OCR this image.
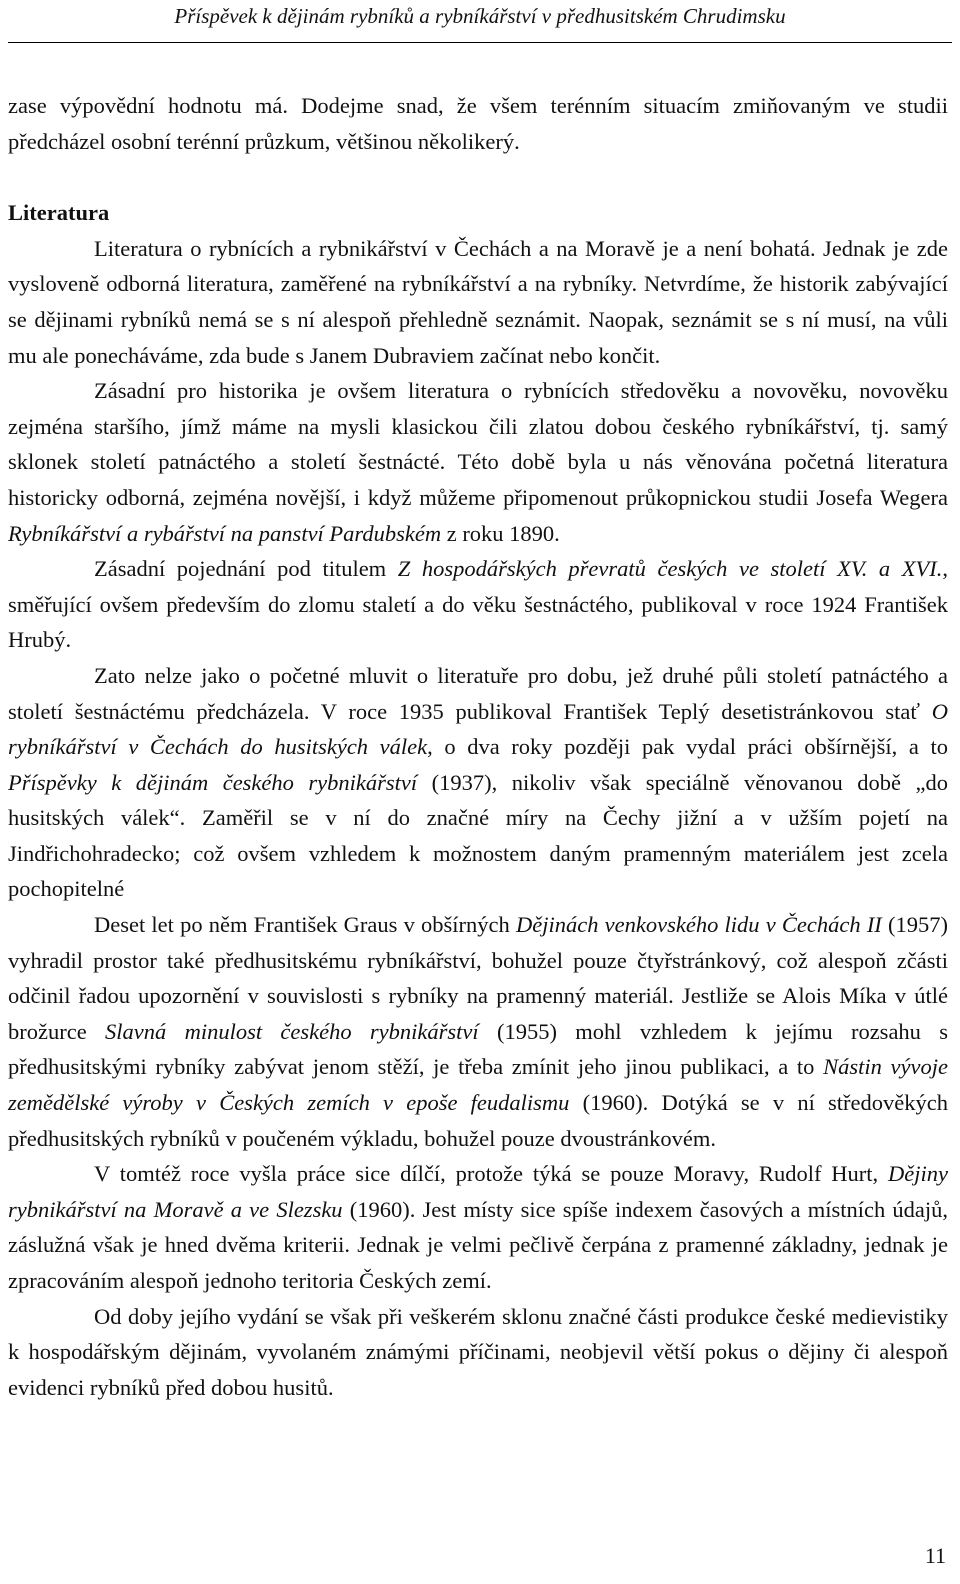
Příspěvek k dějinám rybníků a rybníkářství v předhusitském Chrudimsku

zase výpovědní hodnotu má. Dodejme snad, že všem terénním situacím zmiňovaným ve studii předcházel osobní terénní průzkum, většinou několikerý.

Literatura

Literatura o rybnících a rybnikářství v Čechách a na Moravě je a není bohatá. Jednak je zde vysloveně odborná literatura, zaměřené na rybníkářství a na rybníky. Netvrdíme, že historik zabývající se dějinami rybníků nemá se s ní alespoň přehledně seznámit. Naopak, seznámit se s ní musí, na vůli mu ale ponecháváme, zda bude s Janem Dubraviem začínat nebo končit.

Zásadní pro historika je ovšem literatura o rybnících středověku a novověku, novověku zejména staršího, jímž máme na mysli klasickou čili zlatou dobou českého rybníkářství, tj. samý sklonek století patnáctého a století šestnácté. Této době byla u nás věnována početná literatura historicky odborná, zejména novější, i když můžeme připomenout průkopnickou studii Josefa Wegera Rybníkářství a rybářství na panství Pardubském z roku 1890.

Zásadní pojednání pod titulem Z hospodářských převratů českých ve století XV. a XVI., směřující ovšem především do zlomu staletí a do věku šestnáctého, publikoval v roce 1924 František Hrubý.

Zato nelze jako o početné mluvit o literatuře pro dobu, jež druhé půli století patnáctého a století šestnáctému předcházela. V roce 1935 publikoval František Teplý desetistránkovou stať O rybníkářství v Čechách do husitských válek, o dva roky později pak vydal práci obšírnější, a to Příspěvky k dějinám českého rybnikářství (1937), nikoliv však speciálně věnovanou době „do husitských válek“. Zaměřil se v ní do značné míry na Čechy jižní a v užším pojetí na Jindřichohradecko; což ovšem vzhledem k možnostem daným pramenným materiálem jest zcela pochopitelné

Deset let po něm František Graus v obšírných Dějinách venkovského lidu v Čechách II (1957) vyhradil prostor také předhusitskému rybníkářství, bohužel pouze čtyřstránkový, což alespoň zčásti odčinil řadou upozornění v souvislosti s rybníky na pramenný materiál. Jestliže se Alois Míka v útlé brožurce Slavná minulost českého rybnikářství (1955) mohl vzhledem k jejímu rozsahu s předhusitskými rybníky zabývat jenom stěží, je třeba zmínit jeho jinou publikaci, a to Nástin vývoje zemědělské výroby v Českých zemích v epoše feudalismu (1960). Dotýká se v ní středověkých předhusitských rybníků v poučeném výkladu, bohužel pouze dvoustránkovém.

V tomtéž roce vyšla práce sice dílčí, protože týká se pouze Moravy, Rudolf Hurt, Dějiny rybnikářství na Moravě a ve Slezsku (1960). Jest místy sice spíše indexem časových a místních údajů, záslužná však je hned dvěma kriterii. Jednak je velmi pečlivě čerpána z pramenné základny, jednak je zpracováním alespoň jednoho teritoria Českých zemí.

Od doby jejího vydání se však při veškerém sklonu značné části produkce české medievistiky k hospodářským dějinám, vyvolaném známými příčinami, neobjevil větší pokus o dějiny či alespoň evidenci rybníků před dobou husitů.

11
